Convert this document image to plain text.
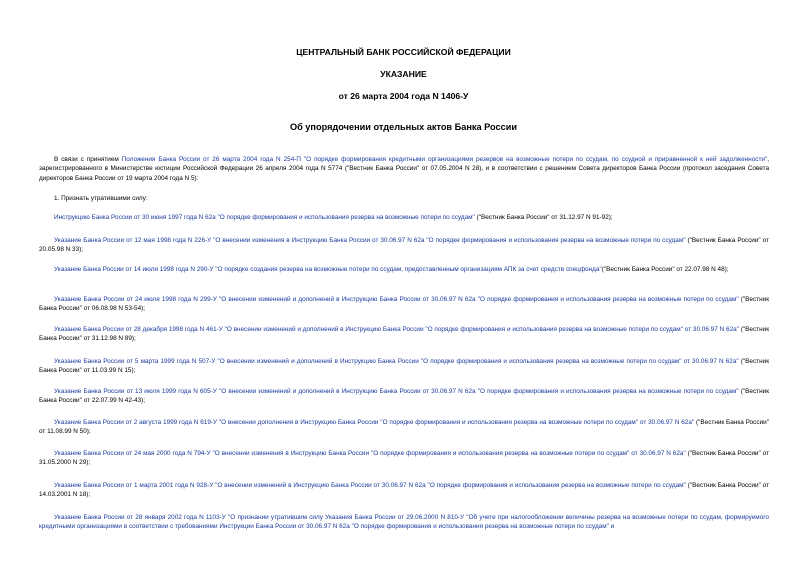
ЦЕНТРАЛЬНЫЙ БАНК РОССИЙСКОЙ ФЕДЕРАЦИИ
УКАЗАНИЕ
от 26 марта 2004 года N 1406-У
Об упорядочении отдельных актов Банка России

В связи с принятием Положения Банка России от 26 марта 2004 года N 254-П "О порядке формирования кредитными организациями резервов на возможные потери по ссудам, по ссудной и приравненной к ней задолженности", зарегистрированного в Министерстве юстиции Российской Федерации 26 апреля 2004 года N 5774 ("Вестник Банка России" от 07.05.2004 N 28), и в соответствии с решением Совета директоров Банка России (протокол заседания Совета директоров Банка России от 19 марта 2004 года N 5):

1. Признать утратившими силу:

Инструкцию Банка России от 30 июня 1997 года N 62а "О порядке формирования и использования резерва на возможные потери по ссудам" ("Вестник Банка России" от 31.12.97 N 91-92);

Указание Банка России от 12 мая 1998 года N 226-У "О внесении изменения в Инструкцию Банка России от 30.06.97 N 62а "О порядке формирования и использования резерва на возможные потери по ссудам" ("Вестник Банка России" от 20.05.98 N 33);

Указание Банка России от 14 июля 1998 года N 290-У "О порядке создания резерва на возможные потери по ссудам, предоставленным организациям АПК за счет средств спецфонда"("Вестник Банка России" от 22.07.98 N 48);

Указание Банка России от 24 июля 1998 года N 299-У "О внесении изменений и дополнений в Инструкцию Банка России от 30.06.97 N 62а "О порядке формирования и использования резерва на возможные потери по ссудам" ("Вестник Банка России" от 06.08.98 N 53-54);

Указание Банка России от 28 декабря 1998 года N 461-У "О внесении изменений и дополнений в Инструкцию Банка России "О порядке формирования и использования резерва на возможные потери по ссудам" от 30.06.97 N 62а" ("Вестник Банка России" от 31.12.98 N 89);

Указание Банка России от 5 марта 1999 года N 507-У "О внесении изменений и дополнений в Инструкцию Банка России "О порядке формирования и использования резерва на возможные потери по ссудам" от 30.06.97 N 62а" ("Вестник Банка России" от 11.03.99 N 15);

Указание Банка России от 13 июля 1999 года N 605-У "О внесении изменений и дополнений в Инструкцию Банка России от 30.06.97 N 62а "О порядке формирования и использования резерва на возможные потери по ссудам" ("Вестник Банка России" от 22.07.99 N 42-43);

Указание Банка России от 2 августа 1999 года N 619-У "О внесении дополнения в Инструкцию Банка России "О порядке формирования и использования резерва на возможные потери по ссудам" от 30.06.97 N 62а" ("Вестник Банка России" от 11.08.99 N 50);

Указание Банка России от 24 мая 2000 года N 794-У "О внесении изменения в Инструкцию Банка России "О порядке формирования и использования резерва на возможные потери по ссудам" от 30.06.97 N 62а" ("Вестник Банка России" от 31.05.2000 N 29);

Указание Банка России от 1 марта 2001 года N 928-У "О внесении изменений в Инструкцию Банка России от 30.06.97 N 62а "О порядке формирования и использования резерва на возможные потери по ссудам" ("Вестник Банка России" от 14.03.2001 N 18);

Указание Банка России от 28 января 2002 года N 1103-У "О признании утратившим силу Указания Банка России от 29.06.2000 N 810-У "Об учете при налогообложении величины резерва на возможные потери по ссудам, формируемого кредитными организациями в соответствии с требованиями Инструкции Банка России от 30.06.97 N 62а "О порядке формирования и использования резерва на возможные потери по ссудам" и
